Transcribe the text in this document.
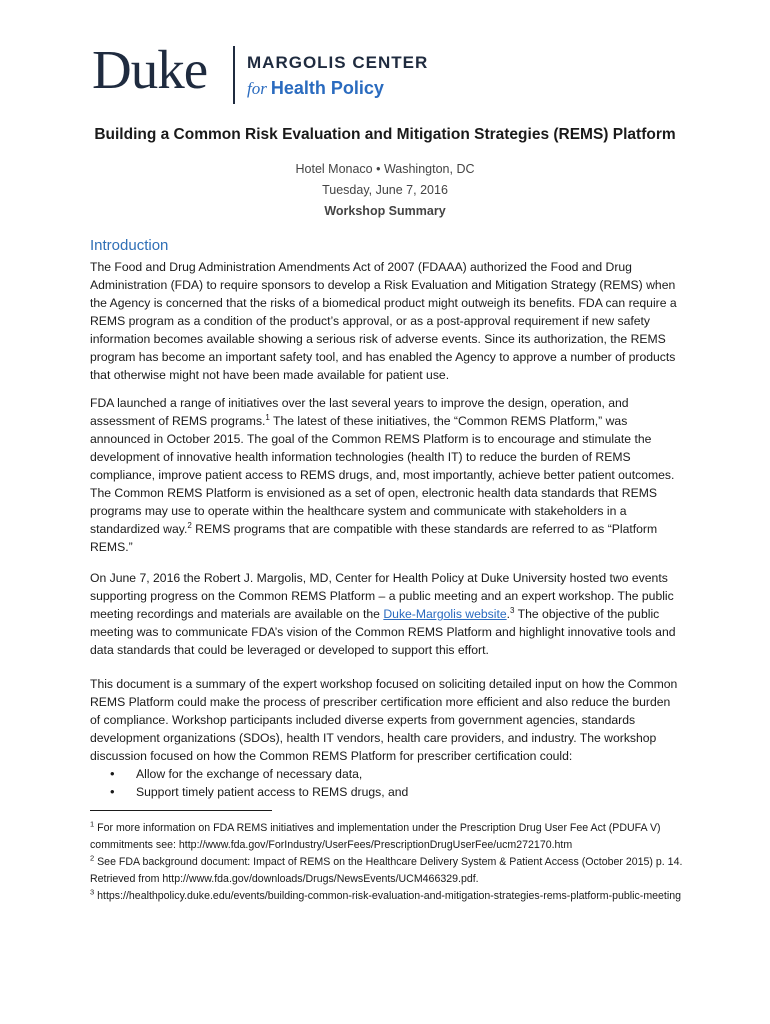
Duke MARGOLIS CENTER
for Health Policy
Building a Common Risk Evaluation and Mitigation Strategies (REMS) Platform
Hotel Monaco • Washington, DC
Tuesday, June 7, 2016
Workshop Summary
Introduction

The Food and Drug Administration Amendments Act of 2007 (FDAAA) authorized the Food and Drug Administration (FDA) to require sponsors to develop a Risk Evaluation and Mitigation Strategy (REMS) when the Agency is concerned that the risks of a biomedical product might outweigh its benefits. FDA can require a REMS program as a condition of the product’s approval, or as a post-approval requirement if new safety information becomes available showing a serious risk of adverse events. Since its authorization, the REMS program has become an important safety tool, and has enabled the Agency to approve a number of products that otherwise might not have been made available for patient use.

FDA launched a range of initiatives over the last several years to improve the design, operation, and assessment of REMS programs.$^1$ The latest of these initiatives, the “Common REMS Platform,” was announced in October 2015. The goal of the Common REMS Platform is to encourage and stimulate the development of innovative health information technologies (health IT) to reduce the burden of REMS compliance, improve patient access to REMS drugs, and, most importantly, achieve better patient outcomes. The Common REMS Platform is envisioned as a set of open, electronic health data standards that REMS programs may use to operate within the healthcare system and communicate with stakeholders in a standardized way.$^2$ REMS programs that are compatible with these standards are referred to as “Platform REMS.”

On June 7, 2016 the Robert J. Margolis, MD, Center for Health Policy at Duke University hosted two events supporting progress on the Common REMS Platform – a public meeting and an expert workshop. The public meeting recordings and materials are available on the Duke-Margolis website.$^3$ The objective of the public meeting was to communicate FDA’s vision of the Common REMS Platform and highlight innovative tools and data standards that could be leveraged or developed to support this effort.

This document is a summary of the expert workshop focused on soliciting detailed input on how the Common REMS Platform could make the process of prescriber certification more efficient and also reduce the burden of compliance. Workshop participants included diverse experts from government agencies, standards development organizations (SDOs), health IT vendors, health care providers, and industry. The workshop discussion focused on how the Common REMS Platform for prescriber certification could:

• Allow for the exchange of necessary data,
• Support timely patient access to REMS drugs, and
$^1$ For more information on FDA REMS initiatives and implementation under the Prescription Drug User Fee Act (PDUFA V) commitments see: http://www.fda.gov/ForIndustry/UserFees/PrescriptionDrugUserFee/ucm272170.htm
$^2$ See FDA background document: Impact of REMS on the Healthcare Delivery System & Patient Access (October 2015) p. 14. Retrieved from http://www.fda.gov/downloads/Drugs/NewsEvents/UCM466329.pdf.
$^3$ https://healthpolicy.duke.edu/events/building-common-risk-evaluation-and-mitigation-strategies-rems-platform-public-meeting
